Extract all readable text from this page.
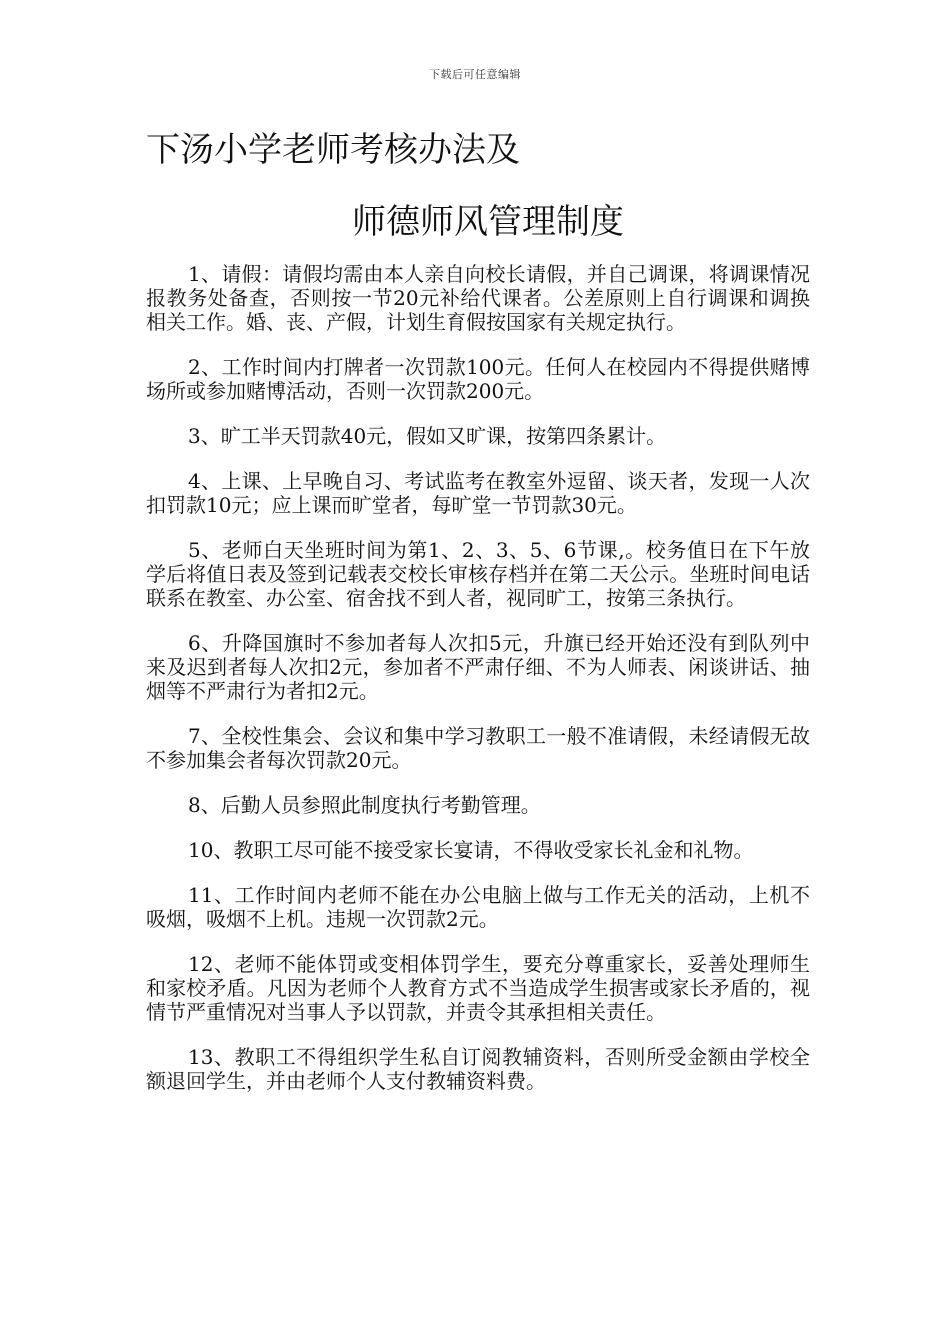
下载后可任意编辑
下汤小学老师考核办法及
师德师风管理制度

1、请假：请假均需由本人亲自向校长请假，并自己调课，将调课情况报教务处备查，否则按一节20元补给代课者。公差原则上自行调课和调换相关工作。婚、丧、产假，计划生育假按国家有关规定执行。

2、工作时间内打牌者一次罚款100元。任何人在校园内不得提供赌博场所或参加赌博活动，否则一次罚款200元。

3、旷工半天罚款40元，假如又旷课，按第四条累计。

4、上课、上早晚自习、考试监考在教室外逗留、谈天者，发现一人次扣罚款10元；应上课而旷堂者，每旷堂一节罚款30元。

5、老师白天坐班时间为第1、2、3、5、6节课,。校务值日在下午放学后将值日表及签到记载表交校长审核存档并在第二天公示。坐班时间电话联系在教室、办公室、宿舍找不到人者，视同旷工，按第三条执行。

6、升降国旗时不参加者每人次扣5元，升旗已经开始还没有到队列中来及迟到者每人次扣2元，参加者不严肃仔细、不为人师表、闲谈讲话、抽烟等不严肃行为者扣2元。

7、全校性集会、会议和集中学习教职工一般不准请假，未经请假无故不参加集会者每次罚款20元。

8、后勤人员参照此制度执行考勤管理。

10、教职工尽可能不接受家长宴请，不得收受家长礼金和礼物。

11、工作时间内老师不能在办公电脑上做与工作无关的活动，上机不吸烟，吸烟不上机。违规一次罚款2元。

12、老师不能体罚或变相体罚学生，要充分尊重家长，妥善处理师生和家校矛盾。凡因为老师个人教育方式不当造成学生损害或家长矛盾的，视情节严重情况对当事人予以罚款，并责令其承担相关责任。

13、教职工不得组织学生私自订阅教辅资料，否则所受金额由学校全额退回学生，并由老师个人支付教辅资料费。
